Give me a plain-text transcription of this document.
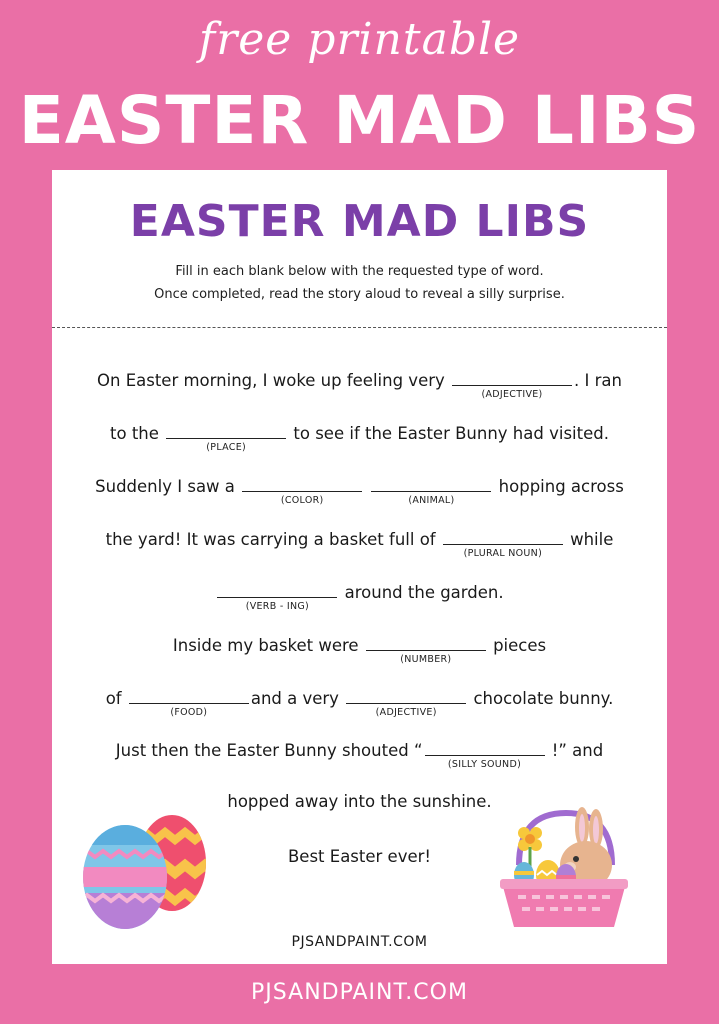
free printable
EASTER MAD LIBS
EASTER MAD LIBS
Fill in each blank below with the requested type of word.
Once completed, read the story aloud to reveal a silly surprise.
On Easter morning, I woke up feeling very
(ADJECTIVE)
. I ran
to the
(PLACE)
to see if the Easter Bunny had visited.
Suddenly I saw a
(COLOR)
	(ANIMAL)
hopping across
the yard! It was carrying a basket full of
(PLURAL NOUN)
while
(VERB - ING)
around the garden.
Inside my basket were
(NUMBER)
pieces
of
(FOOD)
and a very
(ADJECTIVE)
chocolate bunny.
Just then the Easter Bunny shouted “
(SILLY SOUND)
!” and
hopped away into the sunshine.
Best Easter ever!
PJSANDPAINT.COM
PJSANDPAINT.COM
